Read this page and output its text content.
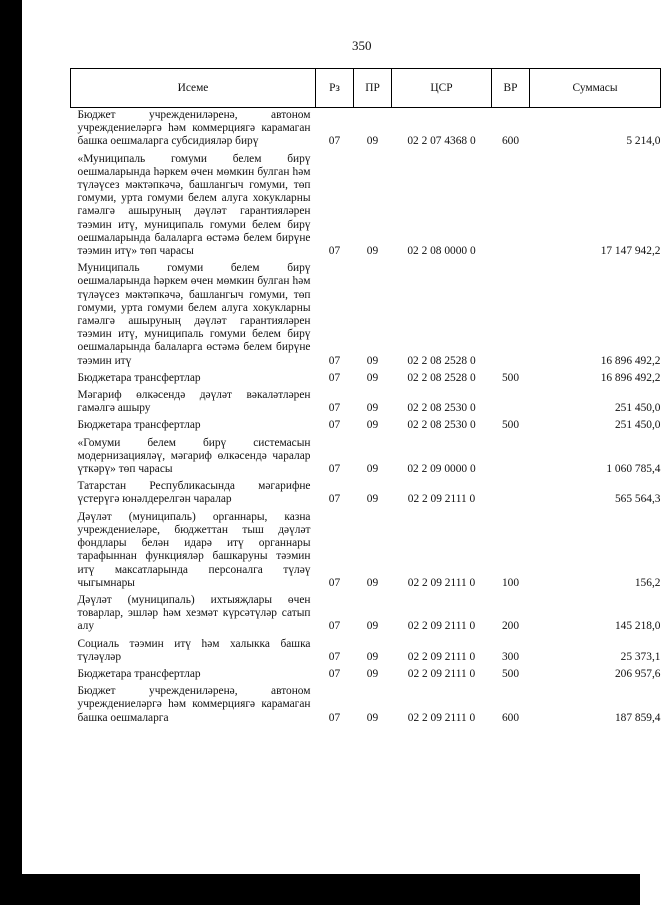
350
Исеме	Рз	ПР	ЦСР	ВР	Суммасы
Бюджет учреждениләренә, автоном учреждениеләргә һәм коммерциягә карамаган башка оешмаларга субсидияләр бирү	07	09	02 2 07 4368 0	600	5 214,0
«Муниципаль гомуми белем бирү оешмаларында һәркем өчен мөмкин булган һәм түләүсез мәктәпкәчә, башлангыч гомуми, төп гомуми, урта гомуми белем алуга хокукларны гамәлгә ашыруның дәүләт гарантияләрен тәэмин итү, муниципаль гомуми белем бирү оешмаларында балаларга өстәмә белем бирүне тәэмин итү» төп чарасы	07	09	02 2 08 0000 0		17 147 942,2
Муниципаль гомуми белем бирү оешмаларында һәркем өчен мөмкин булган һәм түләүсез мәктәпкәчә, башлангыч гомуми, төп гомуми, урта гомуми белем алуга хокукларны гамәлгә ашыруның дәүләт гарантияләрен тәэмин итү, муниципаль гомуми белем бирү оешмаларында балаларга өстәмә белем бирүне тәэмин итү	07	09	02 2 08 2528 0		16 896 492,2
Бюджетара трансфертлар	07	09	02 2 08 2528 0	500	16 896 492,2
Мәгариф өлкәсендә дәүләт вәкаләтләрен гамәлгә ашыру	07	09	02 2 08 2530 0		251 450,0
Бюджетара трансфертлар	07	09	02 2 08 2530 0	500	251 450,0
«Гомуми белем бирү системасын модернизацияләү, мәгариф өлкәсендә чаралар үткәрү» төп чарасы	07	09	02 2 09 0000 0		1 060 785,4
Татарстан Республикасында мәгарифне үстерүгә юнәлдерелгән чаралар	07	09	02 2 09 2111 0		565 564,3
Дәүләт (муниципаль) органнары, казна учреждениеләре, бюджеттан тыш дәүләт фондлары белән идарә итү органнары тарафыннан функцияләр башкаруны тәэмин итү максатларында персоналга түләү чыгымнары	07	09	02 2 09 2111 0	100	156,2
Дәүләт (муниципаль) ихтыяҗлары өчен товарлар, эшләр һәм хезмәт күрсәтүләр сатып алу	07	09	02 2 09 2111 0	200	145 218,0
Социаль тәэмин итү һәм халыкка башка түләүләр	07	09	02 2 09 2111 0	300	25 373,1
Бюджетара трансфертлар	07	09	02 2 09 2111 0	500	206 957,6
Бюджет учреждениләренә, автоном учреждениеләргә һәм коммерциягә карамаган башка оешмаларга	07	09	02 2 09 2111 0	600	187 859,4
